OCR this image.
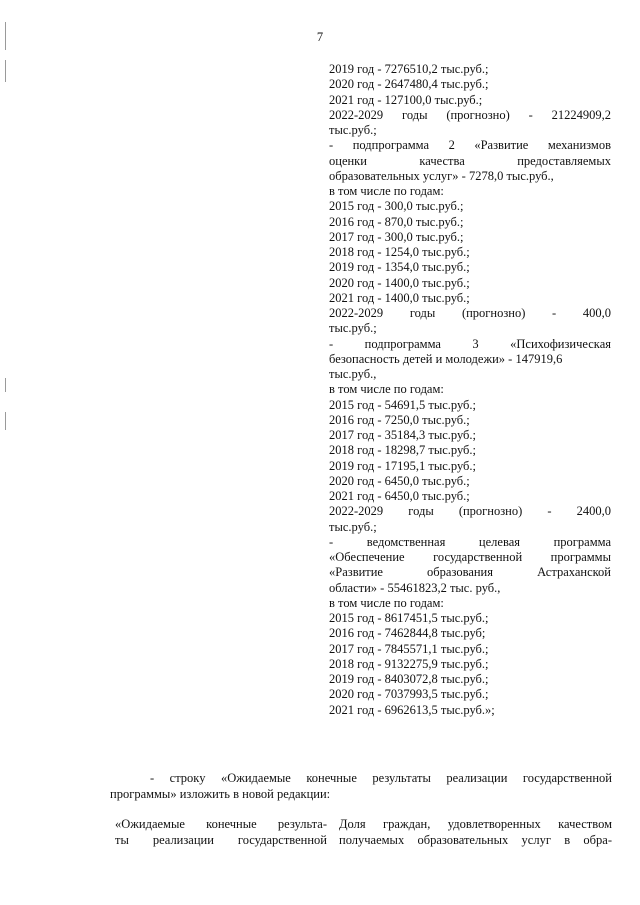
7
2019 год - 7276510,2 тыс.руб.;
2020 год - 2647480,4 тыс.руб.;
2021 год - 127100,0 тыс.руб.;
2022-2029 годы (прогнозно) - 21224909,2
тыс.руб.;
- подпрограмма 2 «Развитие механизмов
оценки качества предоставляемых
образовательных услуг» - 7278,0 тыс.руб.,
в том числе по годам:
2015 год - 300,0 тыс.руб.;
2016 год - 870,0 тыс.руб.;
2017 год - 300,0 тыс.руб.;
2018 год - 1254,0 тыс.руб.;
2019 год - 1354,0 тыс.руб.;
2020 год - 1400,0 тыс.руб.;
2021 год - 1400,0 тыс.руб.;
2022-2029 годы (прогнозно) - 400,0
тыс.руб.;
- подпрограмма 3 «Психофизическая
безопасность детей и молодежи» - 147919,6
тыс.руб.,
в том числе по годам:
2015 год - 54691,5 тыс.руб.;
2016 год - 7250,0 тыс.руб.;
2017 год - 35184,3 тыс.руб.;
2018 год - 18298,7 тыс.руб.;
2019 год - 17195,1 тыс.руб.;
2020 год - 6450,0 тыс.руб.;
2021 год - 6450,0 тыс.руб.;
2022-2029 годы (прогнозно) - 2400,0
тыс.руб.;
- ведомственная целевая программа
«Обеспечение государственной программы
«Развитие образования Астраханской
области» - 55461823,2 тыс. руб.,
в том числе по годам:
2015 год - 8617451,5 тыс.руб.;
2016 год - 7462844,8 тыс.руб;
2017 год - 7845571,1 тыс.руб.;
2018 год - 9132275,9 тыс.руб.;
2019 год - 8403072,8 тыс.руб.;
2020 год - 7037993,5 тыс.руб.;
2021 год - 6962613,5 тыс.руб.»;
- строку «Ожидаемые конечные результаты реализации государственной
программы» изложить в новой редакции:
«Ожидаемые конечные результа-
ты реализации государственной
Доля граждан, удовлетворенных качеством
получаемых образовательных услуг в обра-
